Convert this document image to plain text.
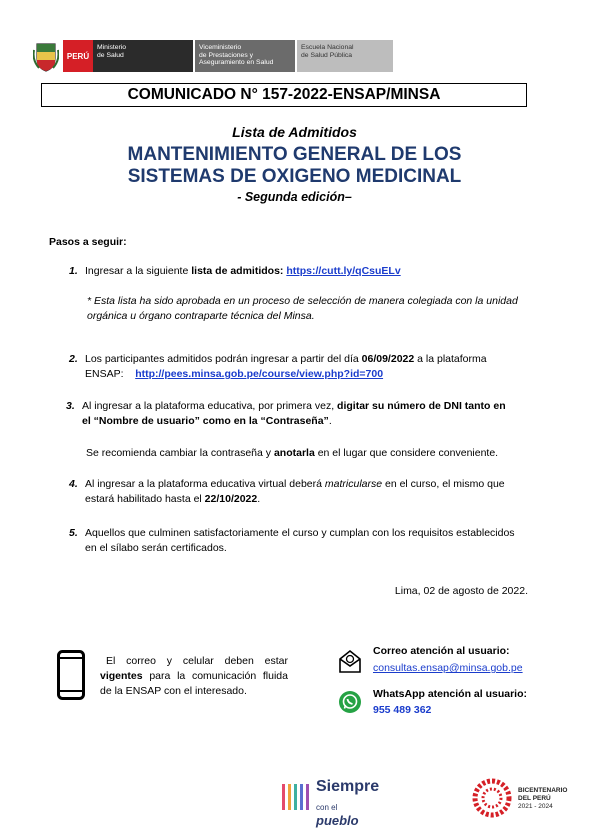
PERÚ
Ministerio
de Salud
Viceministerio
de Prestaciones y
Aseguramiento en Salud
Escuela Nacional
de Salud Pública
COMUNICADO N° 157-2022-ENSAP/MINSA
Lista de Admitidos
MANTENIMIENTO GENERAL DE LOS
SISTEMAS DE OXIGENO MEDICINAL
- Segunda edición–
Pasos a seguir:
1. Ingresar a la siguiente lista de admitidos: https://cutt.ly/qCsuELv
* Esta lista ha sido aprobada en un proceso de selección de manera colegiada con la unidad
orgánica u órgano contraparte técnica del Minsa.
2. Los participantes admitidos podrán ingresar a partir del día 06/09/2022 a la plataforma
ENSAP: http://pees.minsa.gob.pe/course/view.php?id=700
3. Al ingresar a la plataforma educativa, por primera vez, digitar su número de DNI tanto en
el “Nombre de usuario” como en la “Contraseña”.
Se recomienda cambiar la contraseña y anotarla en el lugar que considere conveniente.
4. Al ingresar a la plataforma educativa virtual deberá matricularse en el curso, el mismo que
estará habilitado hasta el 22/10/2022.
5. Aquellos que culminen satisfactoriamente el curso y cumplan con los requisitos establecidos
en el sílabo serán certificados.
Lima, 02 de agosto de 2022.
El correo y celular deben estar
vigentes para la comunicación fluida
de la ENSAP con el interesado.
Correo atención al usuario:
consultas.ensap@minsa.gob.pe
WhatsApp atención al usuario:
955 489 362
Siempre
con el pueblo
BICENTENARIO
DEL PERÚ
2021 - 2024
